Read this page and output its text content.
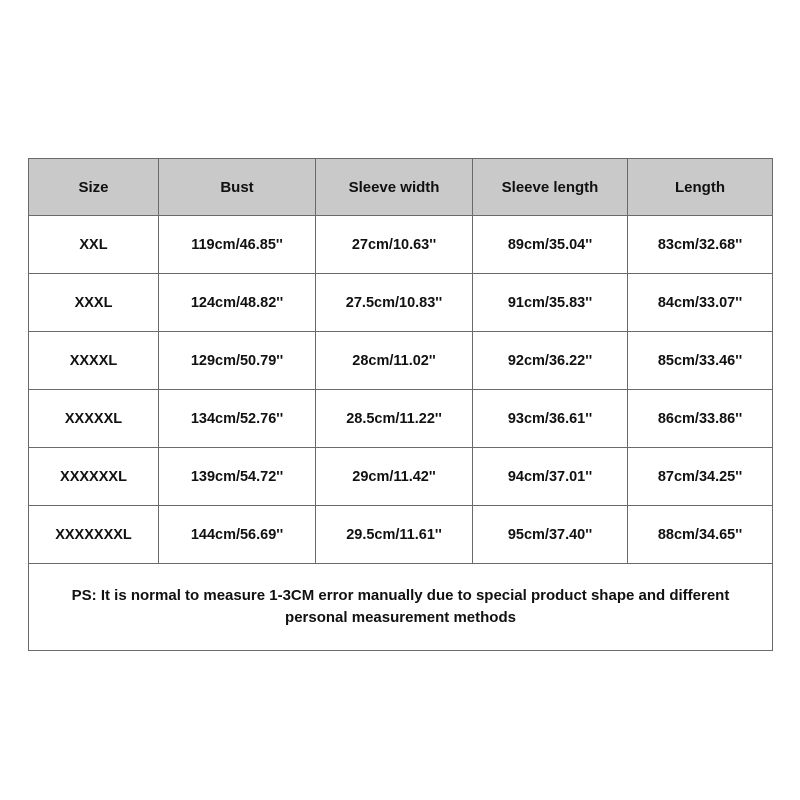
Size	Bust	Sleeve width	Sleeve length	Length
XXL	119cm/46.85''	27cm/10.63''	89cm/35.04''	83cm/32.68''
XXXL	124cm/48.82''	27.5cm/10.83''	91cm/35.83''	84cm/33.07''
XXXXL	129cm/50.79''	28cm/11.02''	92cm/36.22''	85cm/33.46''
XXXXXL	134cm/52.76''	28.5cm/11.22''	93cm/36.61''	86cm/33.86''
XXXXXXL	139cm/54.72''	29cm/11.42''	94cm/37.01''	87cm/34.25''
XXXXXXXL	144cm/56.69''	29.5cm/11.61''	95cm/37.40''	88cm/34.65''
PS: It is normal to measure 1-3CM error manually due to special product shape and different personal measurement methods				
